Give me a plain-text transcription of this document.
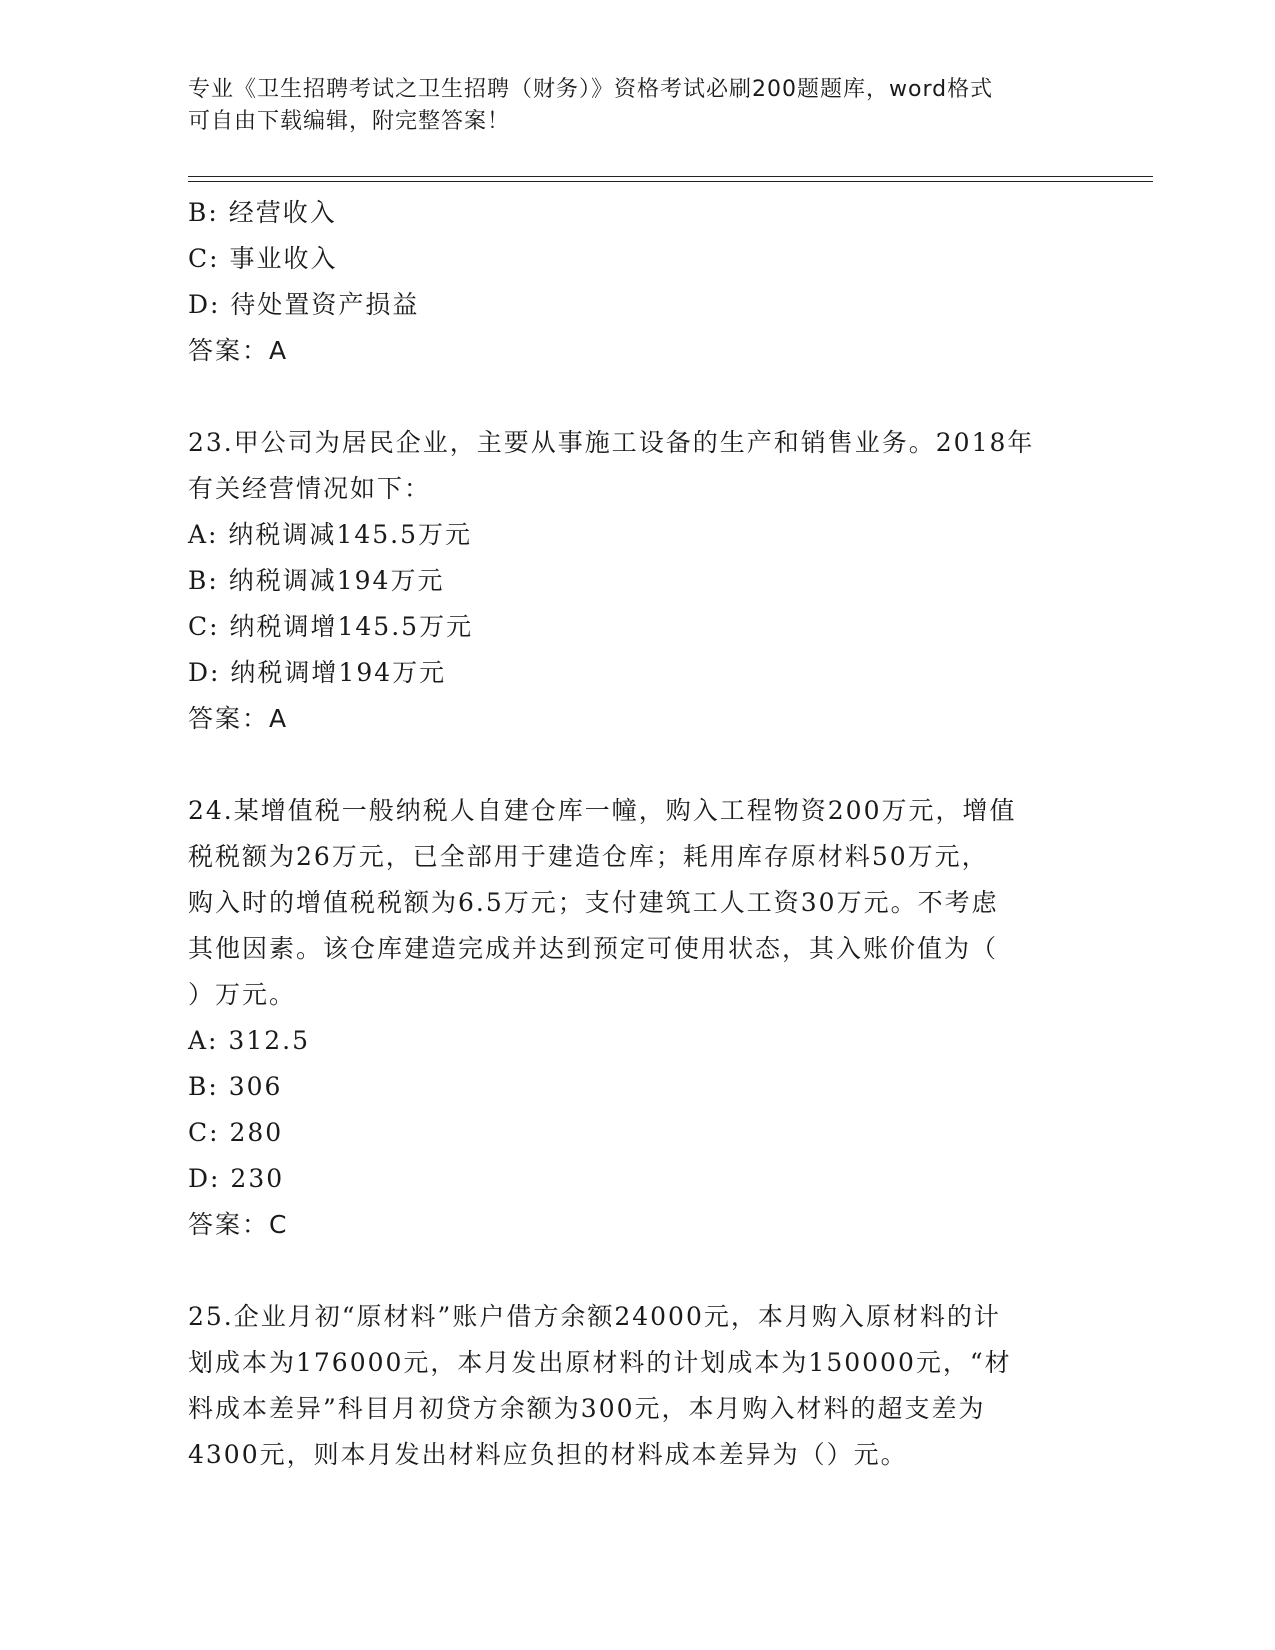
专业《卫生招聘考试之卫生招聘（财务）》资格考试必刷200题题库，word格式
可自由下载编辑，附完整答案！
B: 经营收入
C: 事业收入
D: 待处置资产损益
答案：A
23.甲公司为居民企业，主要从事施工设备的生产和销售业务。2018年
有关经营情况如下：
A: 纳税调减145.5万元
B: 纳税调减194万元
C: 纳税调增145.5万元
D: 纳税调增194万元
答案：A
24.某增值税一般纳税人自建仓库一幢，购入工程物资200万元，增值
税税额为26万元，已全部用于建造仓库；耗用库存原材料50万元，
购入时的增值税税额为6.5万元；支付建筑工人工资30万元。不考虑
其他因素。该仓库建造完成并达到预定可使用状态，其入账价值为（
）万元。
A: 312.5
B: 306
C: 280
D: 230
答案：C
25.企业月初“原材料”账户借方余额24000元，本月购入原材料的计
划成本为176000元，本月发出原材料的计划成本为150000元，“材
料成本差异”科目月初贷方余额为300元，本月购入材料的超支差为
4300元，则本月发出材料应负担的材料成本差异为（）元。
